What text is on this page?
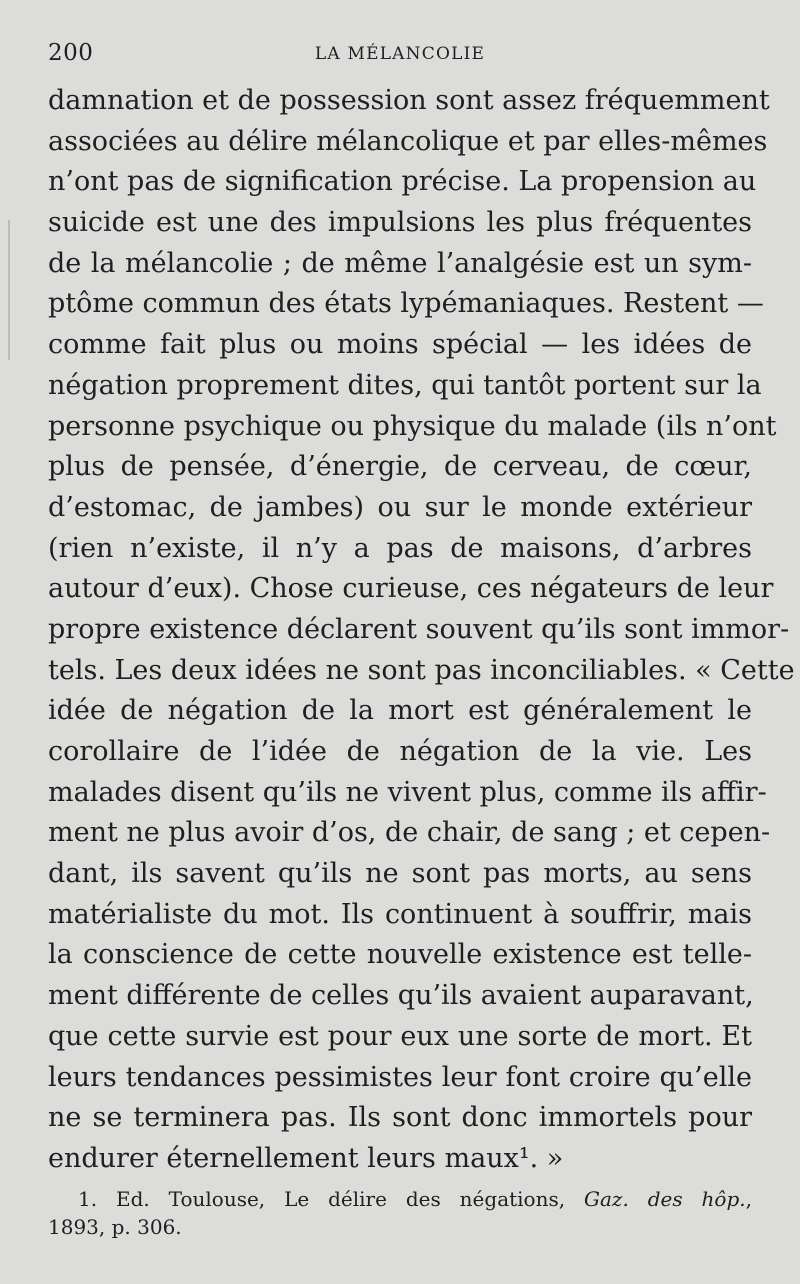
200	LA MÉLANCOLIE
damnation et de possession sont assez fréquemment
associées au délire mélancolique et par elles-mêmes
n’ont pas de signification précise. La propension au
suicide est une des impulsions les plus fréquentes
de la mélancolie ; de même l’analgésie est un sym-
ptôme commun des états lypémaniaques. Restent —
comme fait plus ou moins spécial — les idées de
négation proprement dites, qui tantôt portent sur la
personne psychique ou physique du malade (ils n’ont
plus de pensée, d’énergie, de cerveau, de cœur,
d’estomac, de jambes) ou sur le monde extérieur
(rien n’existe, il n’y a pas de maisons, d’arbres
autour d’eux). Chose curieuse, ces négateurs de leur
propre existence déclarent souvent qu’ils sont immor-
tels. Les deux idées ne sont pas inconciliables. « Cette
idée de négation de la mort est généralement le
corollaire de l’idée de négation de la vie. Les
malades disent qu’ils ne vivent plus, comme ils affir-
ment ne plus avoir d’os, de chair, de sang ; et cepen-
dant, ils savent qu’ils ne sont pas morts, au sens
matérialiste du mot. Ils continuent à souffrir, mais
la conscience de cette nouvelle existence est telle-
ment différente de celles qu’ils avaient auparavant,
que cette survie est pour eux une sorte de mort. Et
leurs tendances pessimistes leur font croire qu’elle
ne se terminera pas. Ils sont donc immortels pour
endurer éternellement leurs maux¹. »
1. Ed. Toulouse, Le délire des négations, Gaz. des hôp.,
1893, p. 306.
